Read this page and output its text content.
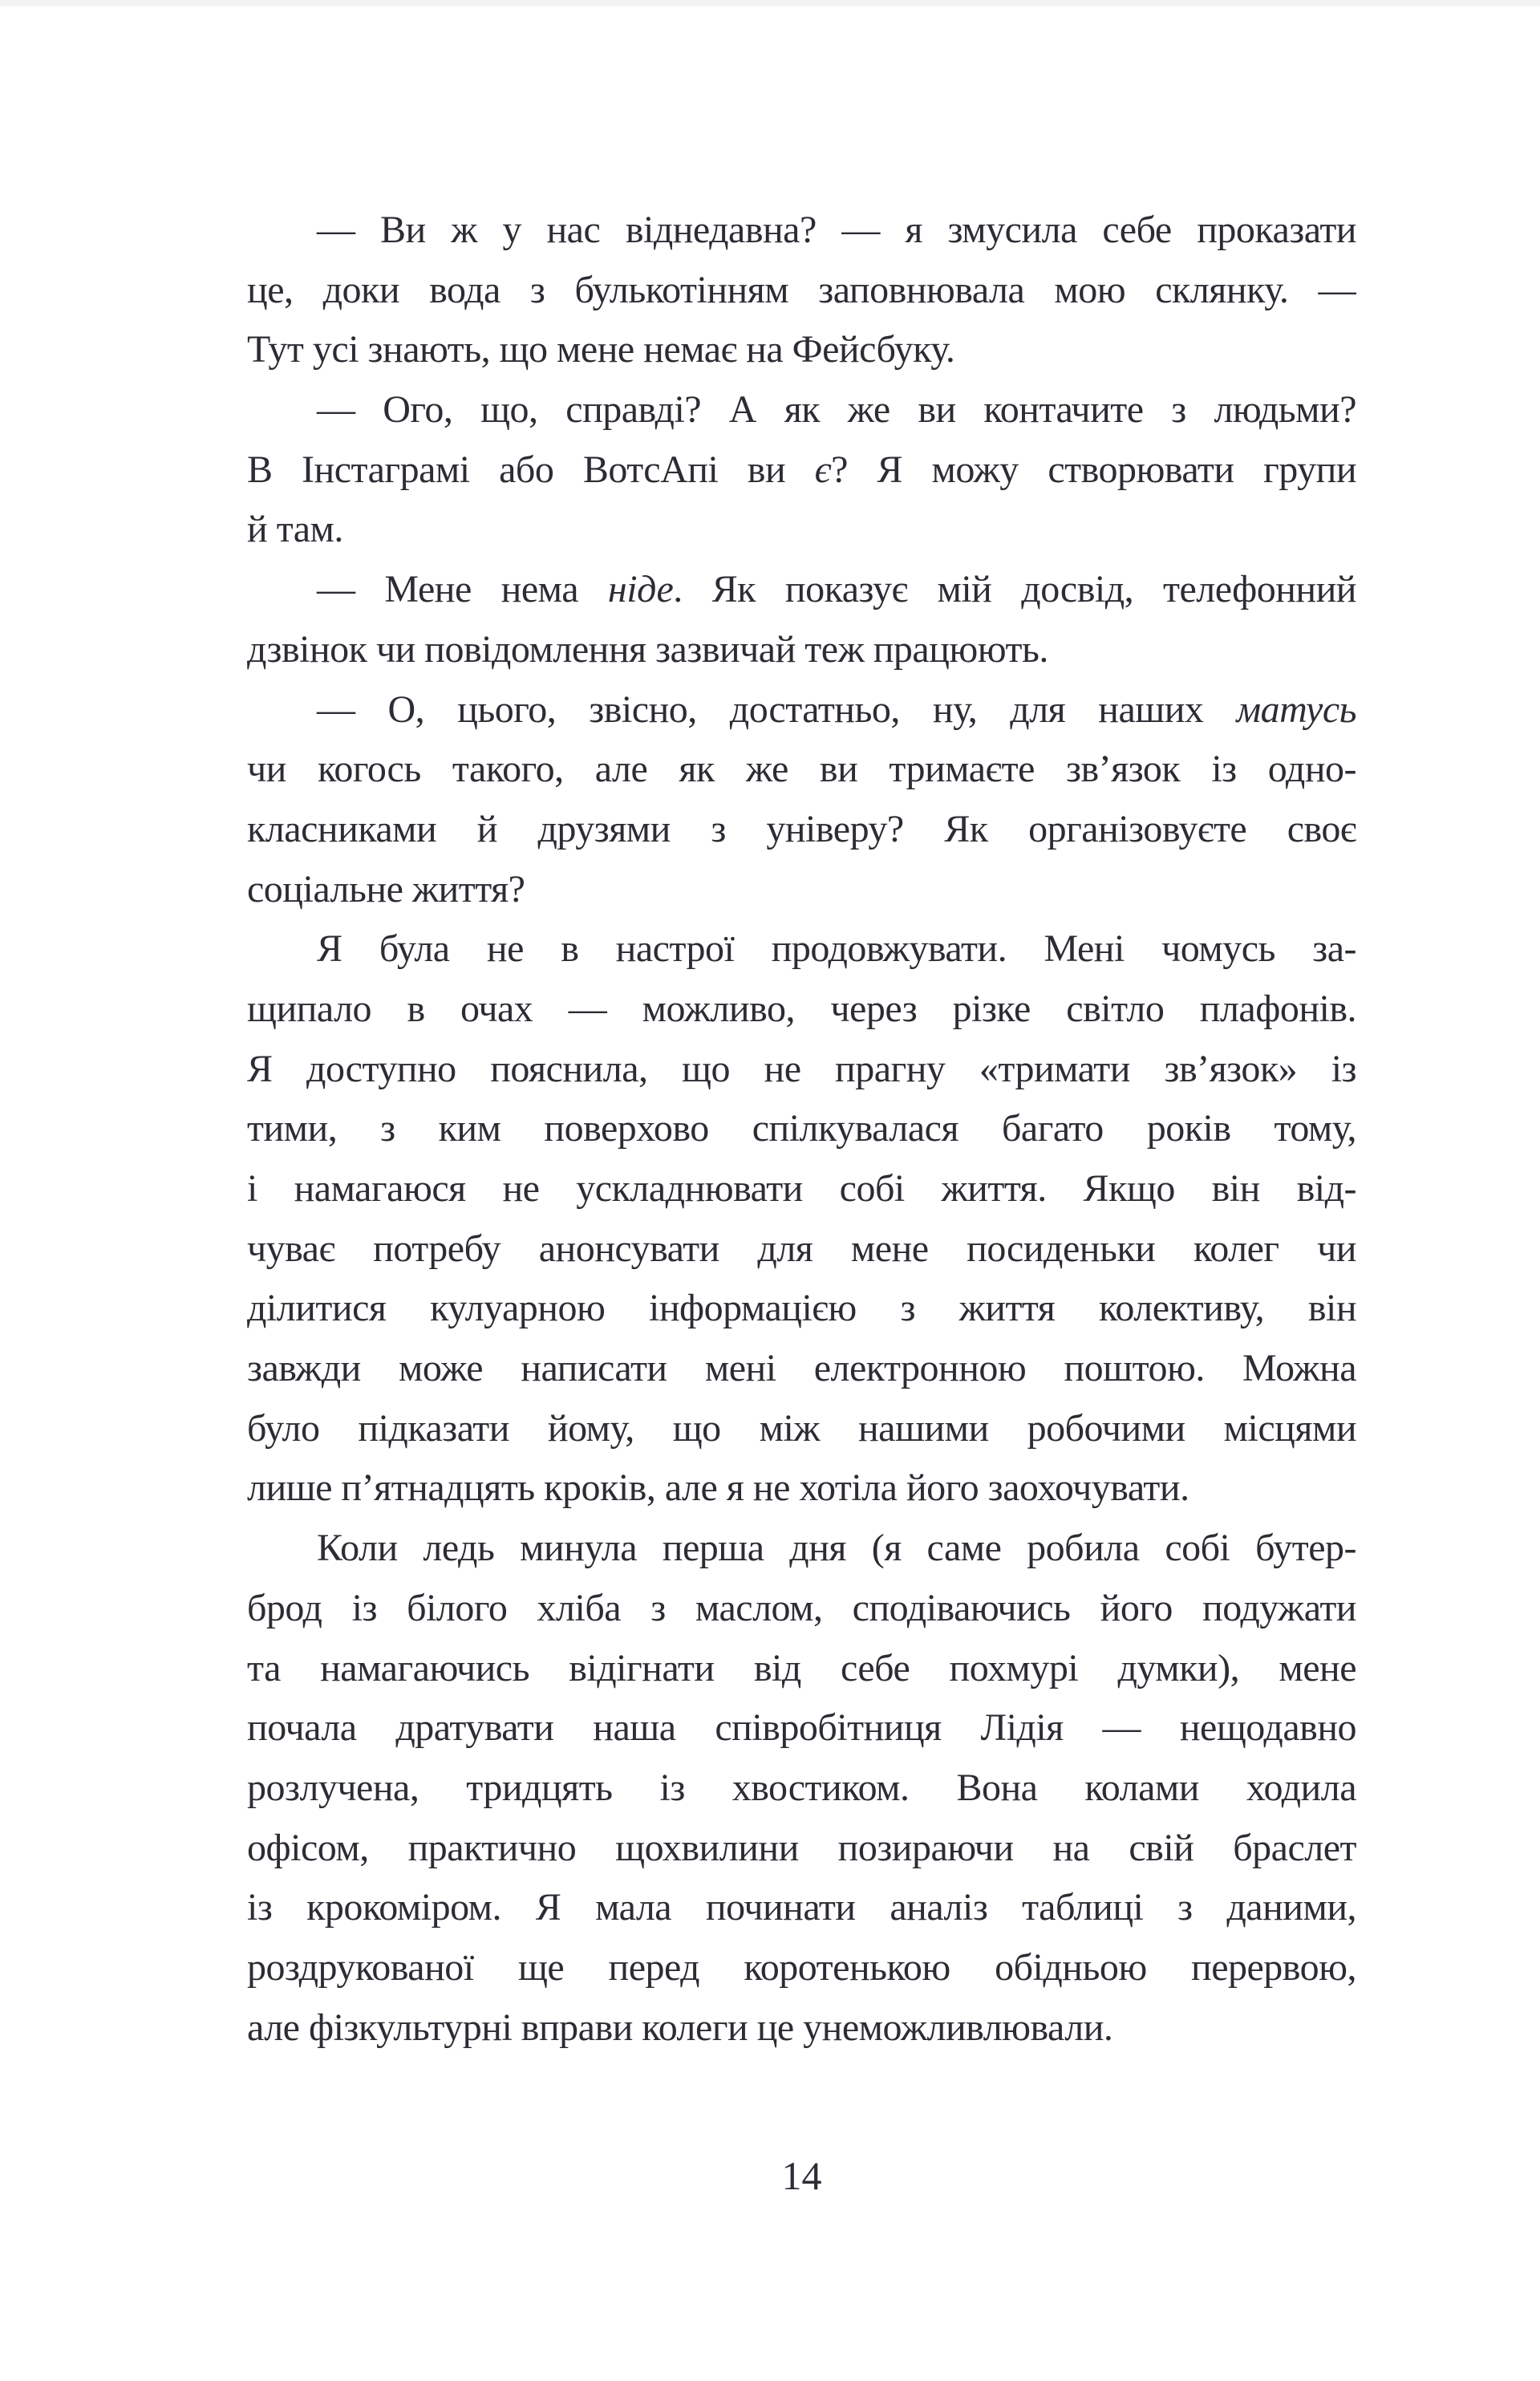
— Ви ж у нас віднедавна? — я змусила себе проказати
це, доки вода з булькотінням заповнювала мою склянку. —
Тут усі знають, що мене немає на Фейсбуку.
— Ого, що, справді? А як же ви контачите з людьми?
В Інстаграмі або ВотсАпі ви є? Я можу створювати групи
й там.
— Мене нема ніде. Як показує мій досвід, телефонний
дзвінок чи повідомлення зазвичай теж працюють.
— О, цього, звісно, достатньо, ну, для наших матусь
чи когось такого, але як же ви тримаєте зв’язок із одно-
класниками й друзями з універу? Як організовуєте своє
соціальне життя?
Я була не в настрої продовжувати. Мені чомусь за-
щипало в очах — можливо, через різке світло плафонів.
Я доступно пояснила, що не прагну «тримати зв’язок» із
тими, з ким поверхово спілкувалася багато років тому,
і намагаюся не ускладнювати собі життя. Якщо він від-
чуває потребу анонсувати для мене посиденьки колег чи
ділитися кулуарною інформацією з життя колективу, він
завжди може написати мені електронною поштою. Можна
було підказати йому, що між нашими робочими місцями
лише п’ятнадцять кроків, але я не хотіла його заохочувати.
Коли ледь минула перша дня (я саме робила собі бутер-
брод із білого хліба з маслом, сподіваючись його подужати
та намагаючись відігнати від себе похмурі думки), мене
почала дратувати наша співробітниця Лідія — нещодавно
розлучена, тридцять із хвостиком. Вона колами ходила
офісом, практично щохвилини позираючи на свій браслет
із крокоміром. Я мала починати аналіз таблиці з даними,
роздрукованої ще перед коротенькою обідньою перервою,
але фізкультурні вправи колеги це унеможливлювали.
14
